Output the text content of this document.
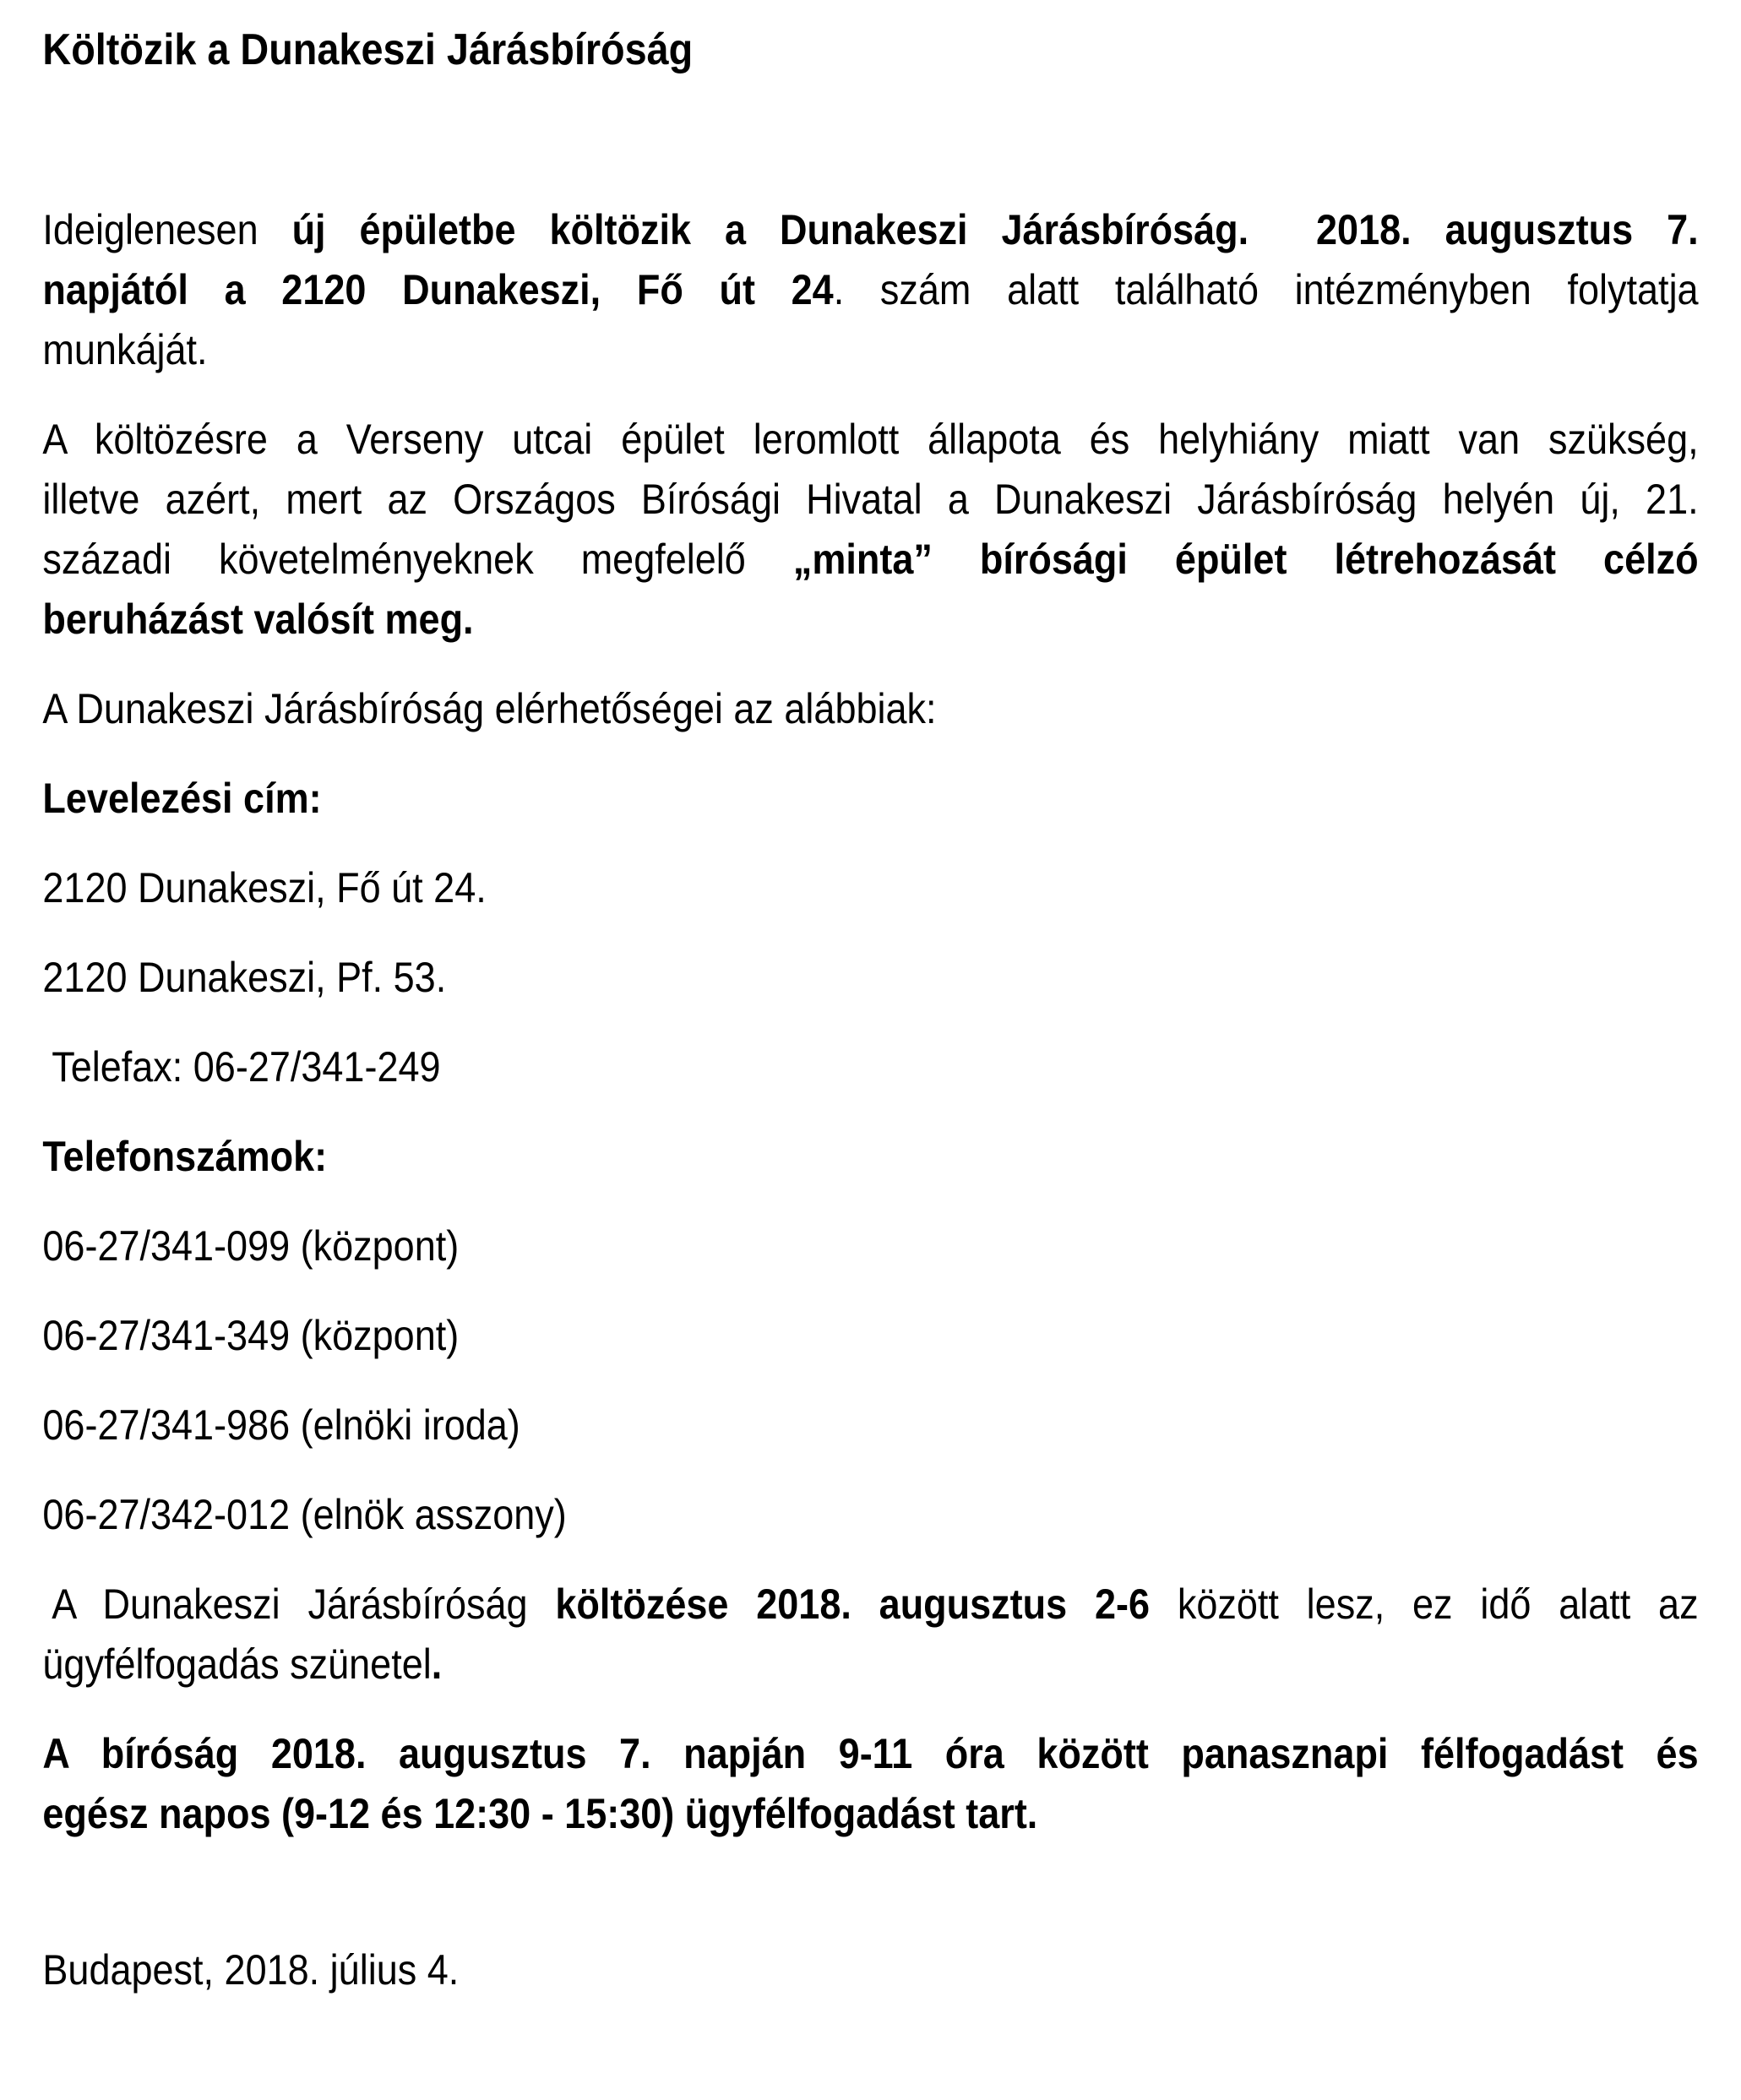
Költözik a Dunakeszi Járásbíróság
Ideiglenesen új épületbe költözik a Dunakeszi Járásbíróság.  2018. augusztus 7.
napjától a 2120 Dunakeszi, Fő út 24. szám alatt található intézményben folytatja
munkáját.
A költözésre a Verseny utcai épület leromlott állapota és helyhiány miatt van szükség,
illetve azért, mert az Országos Bírósági Hivatal a Dunakeszi Járásbíróság helyén új, 21.
századi követelményeknek megfelelő „minta” bírósági épület létrehozását célzó
beruházást valósít meg.
A Dunakeszi Járásbíróság elérhetőségei az alábbiak:
Levelezési cím:
2120 Dunakeszi, Fő út 24.
2120 Dunakeszi, Pf. 53.
Telefax: 06-27/341-249
Telefonszámok:
06-27/341-099 (központ)
06-27/341-349 (központ)
06-27/341-986 (elnöki iroda)
06-27/342-012 (elnök asszony)
A Dunakeszi Járásbíróság költözése 2018. augusztus 2-6 között lesz, ez idő alatt az
ügyfélfogadás szünetel.
A bíróság 2018. augusztus 7. napján 9-11 óra között panasznapi félfogadást és
egész napos (9-12 és 12:30 - 15:30) ügyfélfogadást tart.
Budapest, 2018. július 4.
